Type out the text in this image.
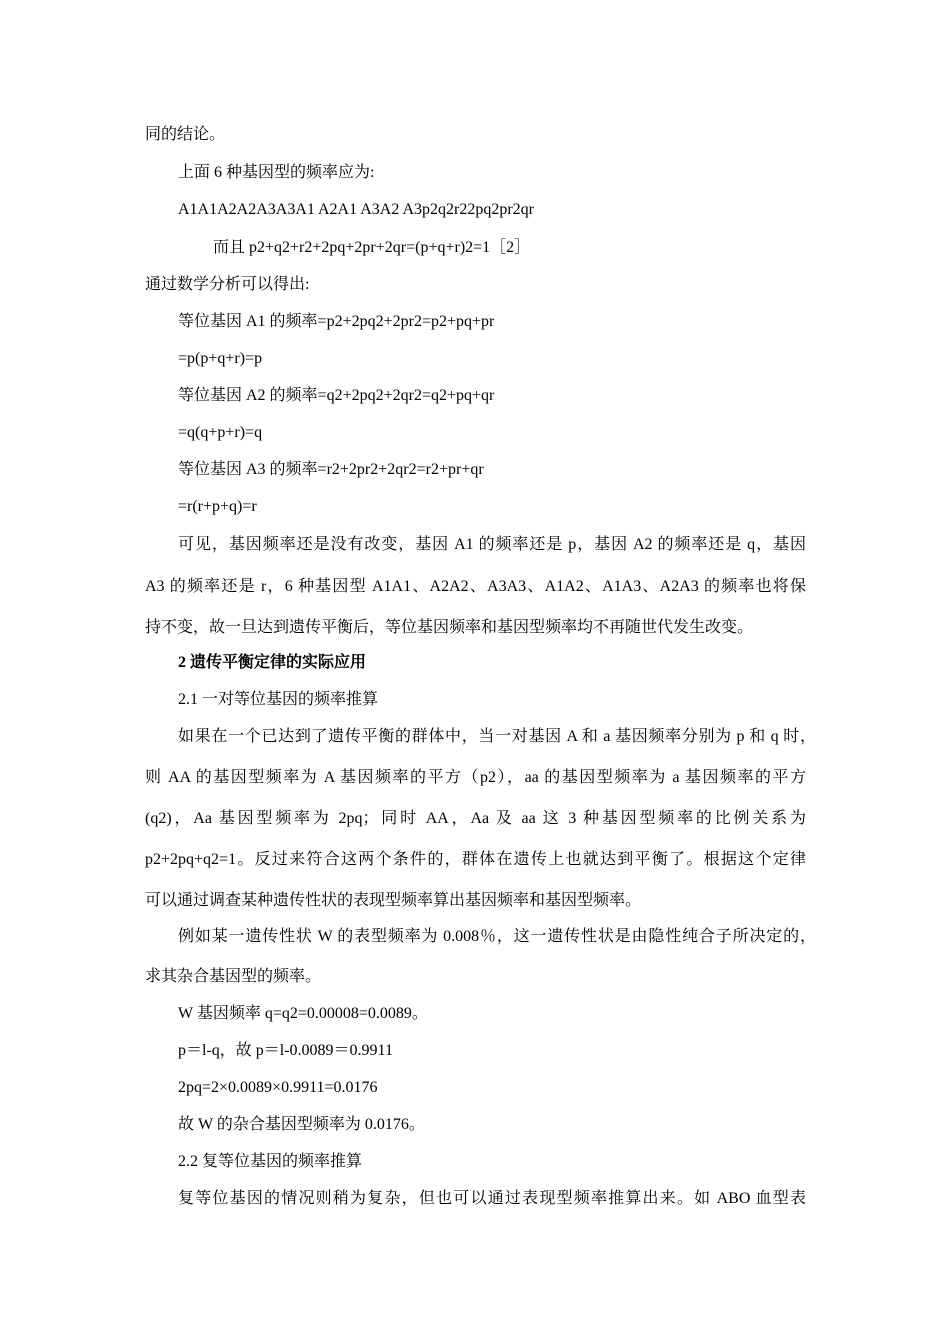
同的结论。
上面 6 种基因型的频率应为:
A1A1A2A2A3A3A1 A2A1 A3A2 A3p2q2r22pq2pr2qr
而且 p2+q2+r2+2pq+2pr+2qr=(p+q+r)2=1［2］
通过数学分析可以得出:
等位基因 A1 的频率=p2+2pq2+2pr2=p2+pq+pr
=p(p+q+r)=p
等位基因 A2 的频率=q2+2pq2+2qr2=q2+pq+qr
=q(q+p+r)=q
等位基因 A3 的频率=r2+2pr2+2qr2=r2+pr+qr
=r(r+p+q)=r
可见，基因频率还是没有改变，基因 A1 的频率还是 p，基因 A2 的频率还是 q，基因
A3 的频率还是 r，6 种基因型 A1A1、A2A2、A3A3、A1A2、A1A3、A2A3 的频率也将保
持不变，故一旦达到遗传平衡后，等位基因频率和基因型频率均不再随世代发生改变。
2 遗传平衡定律的实际应用
2.1 一对等位基因的频率推算
如果在一个已达到了遗传平衡的群体中，当一对基因 A 和 a 基因频率分别为 p 和 q 时，
则 AA 的基因型频率为 A 基因频率的平方（p2），aa 的基因型频率为 a 基因频率的平方
(q2)，Aa 基因型频率为 2pq；同时 AA，Aa 及 aa 这 3 种基因型频率的比例关系为
p2+2pq+q2=1。反过来符合这两个条件的，群体在遗传上也就达到平衡了。根据这个定律
可以通过调查某种遗传性状的表现型频率算出基因频率和基因型频率。
例如某一遗传性状 W 的表型频率为 0.008％，这一遗传性状是由隐性纯合子所决定的，
求其杂合基因型的频率。
W 基因频率 q=q2=0.00008=0.0089。
p＝l-q，故 p＝l-0.0089＝0.9911
2pq=2×0.0089×0.9911=0.0176
故 W 的杂合基因型频率为 0.0176。
2.2 复等位基因的频率推算
复等位基因的情况则稍为复杂，但也可以通过表现型频率推算出来。如 ABO 血型表
